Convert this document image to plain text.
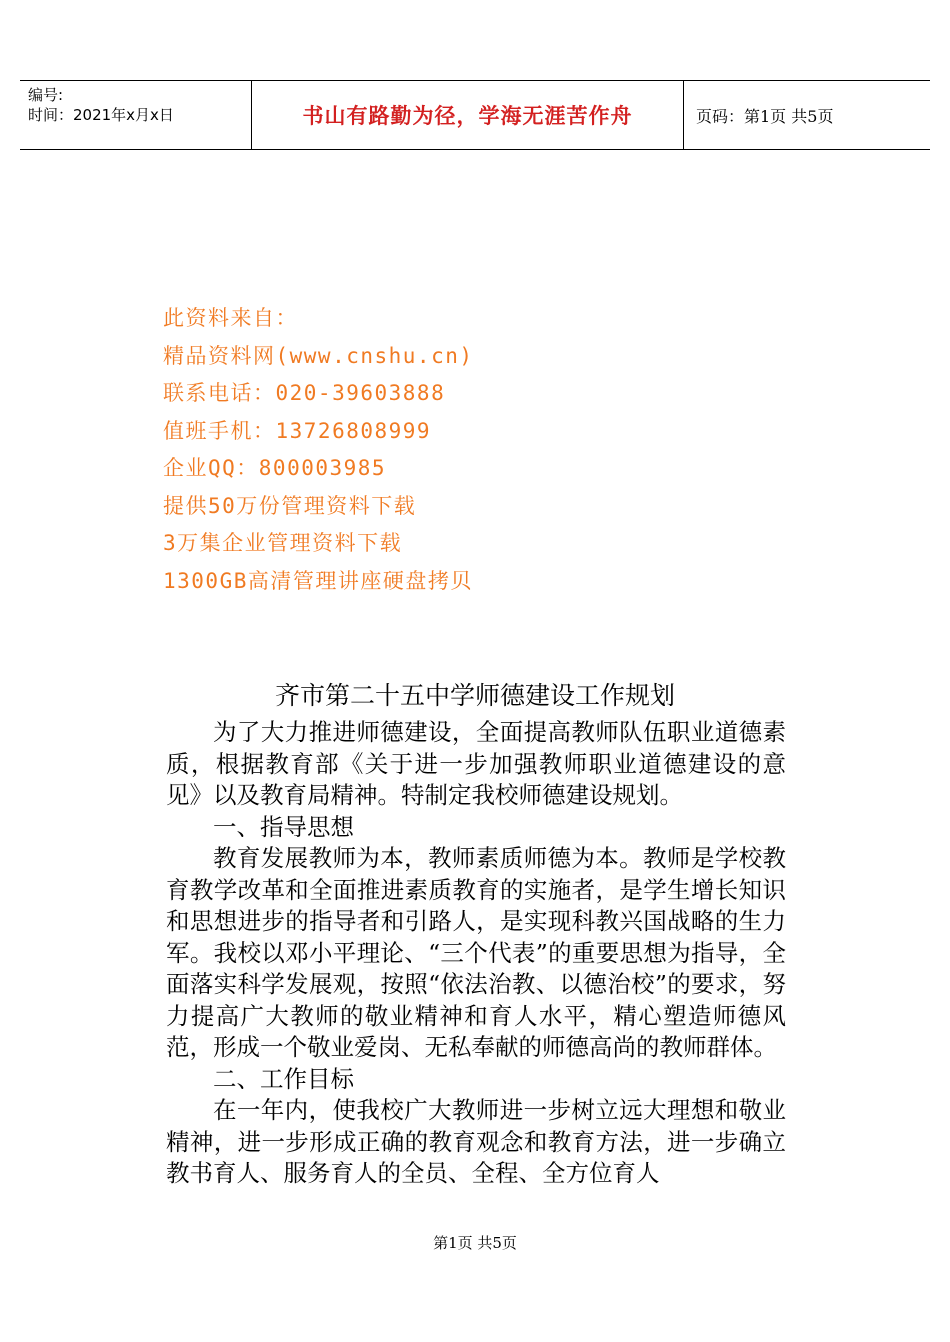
编号:
时间：2021年x月x日	书山有路勤为径，学海无涯苦作舟	页码：第1页 共5页
此资料来自：
精品资料网(www.cnshu.cn)
联系电话：020-39603888
值班手机：13726808999
企业QQ：800003985
提供50万份管理资料下载
3万集企业管理资料下载
1300GB高清管理讲座硬盘拷贝
齐市第二十五中学师德建设工作规划

为了大力推进师德建设，全面提高教师队伍职业道德素质，根据教育部《关于进一步加强教师职业道德建设的意见》以及教育局精神。特制定我校师德建设规划。

一、指导思想

教育发展教师为本，教师素质师德为本。教师是学校教育教学改革和全面推进素质教育的实施者，是学生增长知识和思想进步的指导者和引路人，是实现科教兴国战略的生力军。我校以邓小平理论、“三个代表”的重要思想为指导，全面落实科学发展观，按照“依法治教、以德治校”的要求，努力提高广大教师的敬业精神和育人水平，精心塑造师德风范，形成一个敬业爱岗、无私奉献的师德高尚的教师群体。

二、工作目标

在一年内，使我校广大教师进一步树立远大理想和敬业精神，进一步形成正确的教育观念和教育方法，进一步确立教书育人、服务育人的全员、全程、全方位育人

第1页 共5页
